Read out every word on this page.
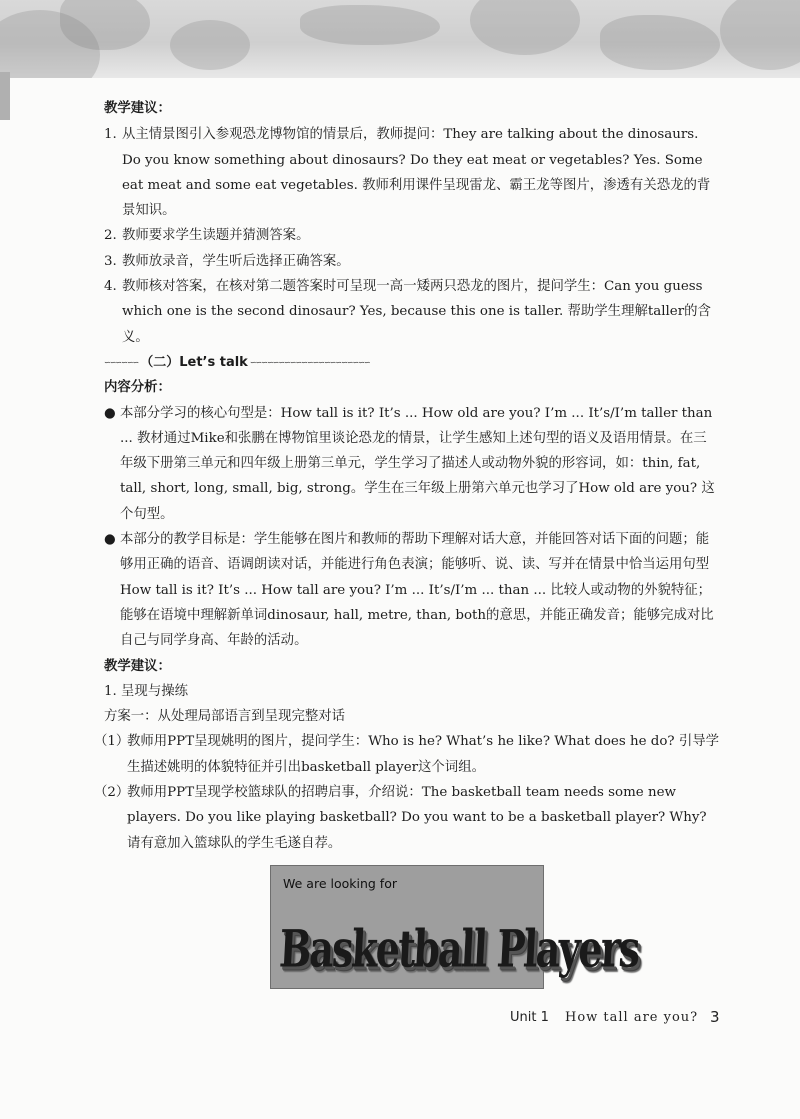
教学建议：
1. 从主情景图引入参观恐龙博物馆的情景后，教师提问：They are talking about the dinosaurs. Do you know something about dinosaurs? Do they eat meat or vegetables? Yes. Some eat meat and some eat vegetables. 教师利用课件呈现雷龙、霸王龙等图片，渗透有关恐龙的背景知识。
2. 教师要求学生读题并猜测答案。
3. 教师放录音，学生听后选择正确答案。
4. 教师核对答案，在核对第二题答案时可呈现一高一矮两只恐龙的图片，提问学生：Can you guess which one is the second dinosaur? Yes, because this one is taller. 帮助学生理解taller的含义。
∽∽∽∽∽∽ （二）Let’s talk ∽∽∽∽∽∽∽∽∽∽∽∽∽∽∽∽∽∽∽∽∽
内容分析：
● 本部分学习的核心句型是：How tall is it? It’s ... How old are you? I’m ... It’s/I’m taller than ... 教材通过Mike和张鹏在博物馆里谈论恐龙的情景，让学生感知上述句型的语义及语用情景。在三年级下册第三单元和四年级上册第三单元，学生学习了描述人或动物外貌的形容词，如：thin, fat, tall, short, long, small, big, strong。学生在三年级上册第六单元也学习了How old are you? 这个句型。
● 本部分的教学目标是：学生能够在图片和教师的帮助下理解对话大意，并能回答对话下面的问题；能够用正确的语音、语调朗读对话，并能进行角色表演；能够听、说、读、写并在情景中恰当运用句型How tall is it? It’s ... How tall are you? I’m ... It’s/I’m ... than ... 比较人或动物的外貌特征；能够在语境中理解新单词dinosaur, hall, metre, than, both的意思，并能正确发音；能够完成对比自己与同学身高、年龄的活动。
教学建议：
1. 呈现与操练
方案一：从处理局部语言到呈现完整对话
（1）
教师用PPT呈现姚明的图片，提问学生：Who is he? What’s he like? What does he do? 引导学生描述姚明的体貌特征并引出basketball player这个词组。
（2）
教师用PPT呈现学校篮球队的招聘启事，介绍说：The basketball team needs some new players. Do you like playing basketball? Do you want to be a basketball player? Why? 请有意加入篮球队的学生毛遂自荐。
We are looking for
Basketball Players
Unit 1 How tall are you? 3
